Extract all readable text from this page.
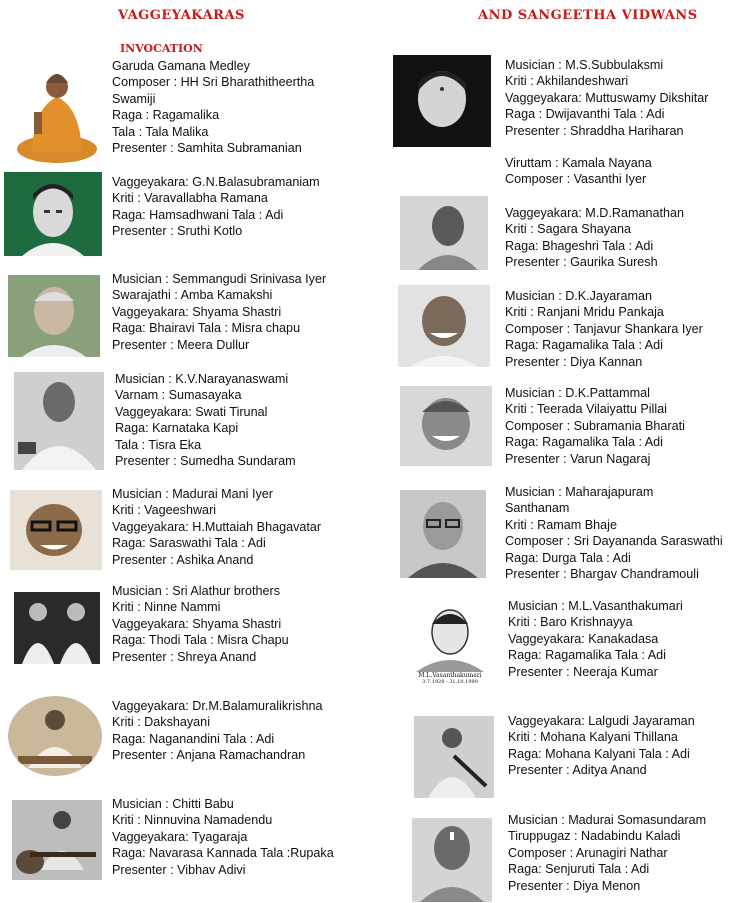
VAGGEYAKARAS	AND SANGEETHA VIDWANS
INVOCATION
Garuda Gamana Medley
Composer : HH Sri Bharathitheertha
Swamiji
Raga : Ragamalika
Tala : Tala Malika
Presenter : Samhita Subramanian
Vaggeyakara: G.N.Balasubramaniam
Kriti : Varavallabha Ramana
Raga: Hamsadhwani Tala : Adi
Presenter : Sruthi Kotlo
Musician : Semmangudi Srinivasa Iyer
Swarajathi : Amba Kamakshi
Vaggeyakara: Shyama Shastri
Raga: Bhairavi Tala : Misra chapu
Presenter : Meera Dullur
Musician : K.V.Narayanaswami
Varnam : Sumasayaka
Vaggeyakara: Swati Tirunal
Raga: Karnataka Kapi
Tala : Tisra Eka
Presenter : Sumedha Sundaram
Musician : Madurai Mani Iyer
Kriti : Vageeshwari
Vaggeyakara: H.Muttaiah Bhagavatar
Raga: Saraswathi Tala : Adi
Presenter : Ashika Anand
Musician : Sri Alathur brothers
Kriti : Ninne Nammi
Vaggeyakara: Shyama Shastri
Raga: Thodi Tala : Misra Chapu
Presenter : Shreya Anand
Vaggeyakara: Dr.M.Balamuralikrishna
Kriti : Dakshayani
Raga: Naganandini Tala : Adi
Presenter : Anjana Ramachandran
Musician : Chitti Babu
Kriti : Ninnuvina Namadendu
Vaggeyakara: Tyagaraja
Raga: Navarasa Kannada Tala :Rupaka
Presenter : Vibhav Adivi
Musician : M.S.Subbulaksmi
Kriti : Akhilandeshwari
Vaggeyakara: Muttuswamy Dikshitar
Raga : Dwijavanthi Tala : Adi
Presenter : Shraddha Hariharan
Viruttam : Kamala Nayana
Composer : Vasanthi Iyer
Vaggeyakara: M.D.Ramanathan
Kriti : Sagara Shayana
Raga: Bhageshri Tala : Adi
Presenter : Gaurika Suresh
Musician : D.K.Jayaraman
Kriti : Ranjani Mridu Pankaja
Composer : Tanjavur Shankara Iyer
Raga: Ragamalika Tala : Adi
Presenter : Diya Kannan
Musician : D.K.Pattammal
Kriti : Teerada Vilaiyattu Pillai
Composer : Subramania Bharati
Raga: Ragamalika Tala : Adi
Presenter : Varun Nagaraj
Musician : Maharajapuram
Santhanam
Kriti : Ramam Bhaje
Composer : Sri Dayananda Saraswathi
Raga: Durga Tala : Adi
Presenter : Bhargav Chandramouli
M.L.Vasanthakumari
3.7.1928 - 31.10.1990
Musician : M.L.Vasanthakumari
Kriti : Baro Krishnayya
Vaggeyakara: Kanakadasa
Raga: Ragamalika Tala : Adi
Presenter : Neeraja Kumar
Vaggeyakara: Lalgudi Jayaraman
Kriti : Mohana Kalyani Thillana
Raga: Mohana Kalyani Tala : Adi
Presenter : Aditya Anand
Musician : Madurai Somasundaram
Tiruppugaz : Nadabindu Kaladi
Composer : Arunagiri Nathar
Raga: Senjuruti Tala : Adi
Presenter : Diya Menon
